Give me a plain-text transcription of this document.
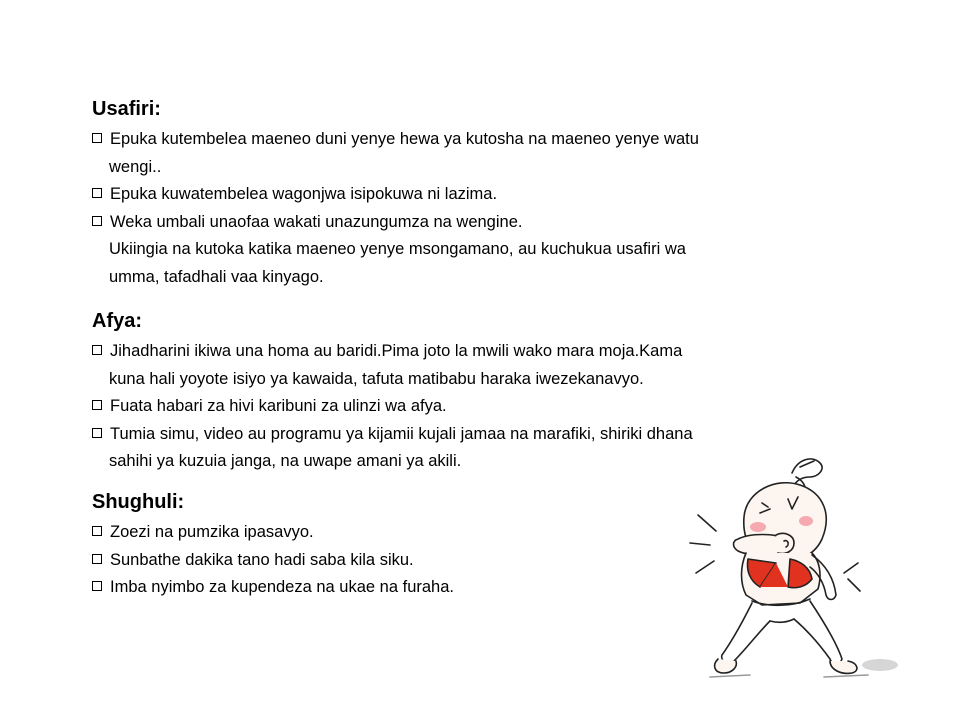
Usafiri:
Epuka kutembelea maeneo duni yenye hewa ya kutosha na maeneo yenye watu
wengi..
Epuka kuwatembelea wagonjwa isipokuwa ni lazima.
Weka umbali unaofaa wakati unazungumza na wengine.
Ukiingia na kutoka katika maeneo yenye msongamano, au kuchukua usafiri wa
umma, tafadhali vaa kinyago.
Afya:
Jihadharini ikiwa una homa au baridi.Pima joto la mwili wako mara moja.Kama
kuna hali yoyote isiyo ya kawaida, tafuta matibabu haraka iwezekanavyo.
Fuata habari za hivi karibuni za ulinzi wa afya.
Tumia simu, video au programu ya kijamii kujali jamaa na marafiki, shiriki dhana
sahihi ya kuzuia janga, na uwape amani ya akili.
Shughuli:
Zoezi na pumzika ipasavyo.
Sunbathe dakika tano hadi saba kila siku.
Imba nyimbo za kupendeza na ukae na furaha.
